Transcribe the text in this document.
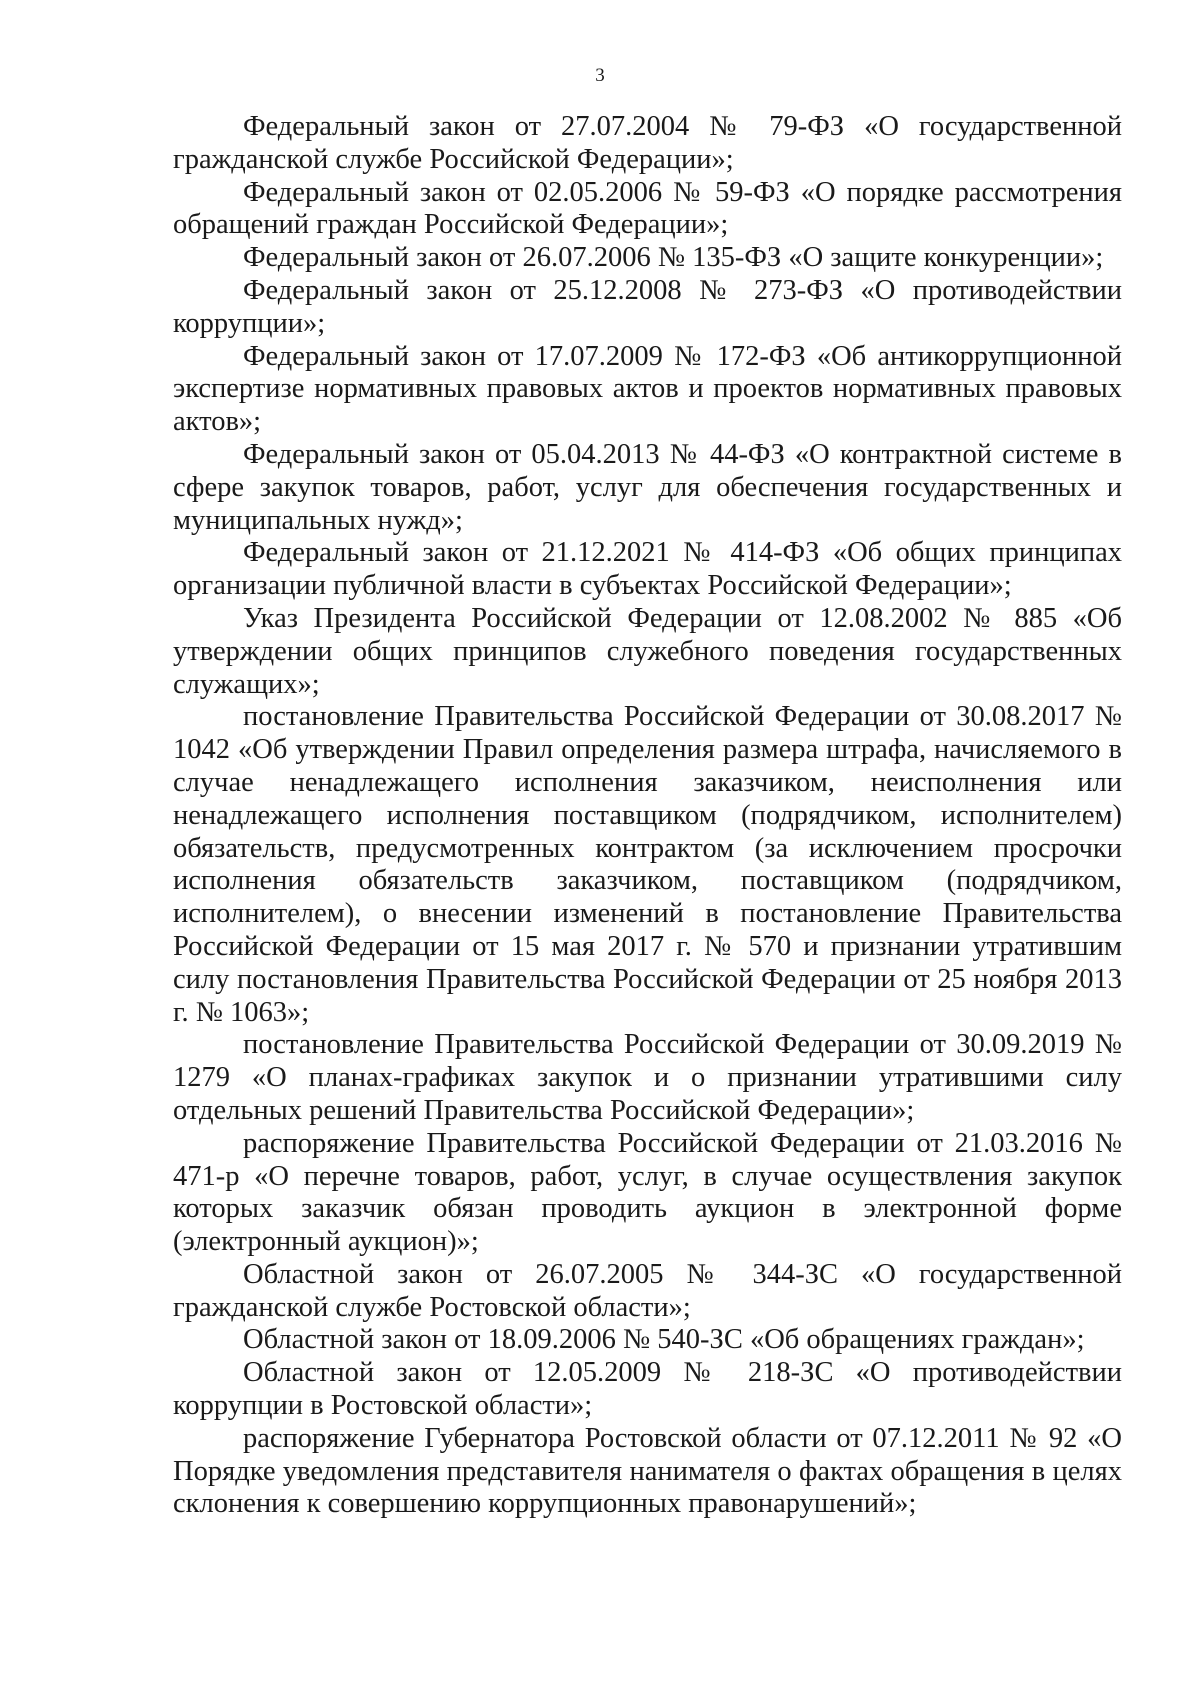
3

Федеральный закон от 27.07.2004 № 79-ФЗ «О государственной гражданской службе Российской Федерации»;

Федеральный закон от 02.05.2006 № 59-ФЗ «О порядке рассмотрения обращений граждан Российской Федерации»;

Федеральный закон от 26.07.2006 № 135-ФЗ «О защите конкуренции»;

Федеральный закон от 25.12.2008 № 273-ФЗ «О противодействии коррупции»;

Федеральный закон от 17.07.2009 № 172-ФЗ «Об антикоррупционной экспертизе нормативных правовых актов и проектов нормативных правовых актов»;

Федеральный закон от 05.04.2013 № 44-ФЗ «О контрактной системе в сфере закупок товаров, работ, услуг для обеспечения государственных и муниципальных нужд»;

Федеральный закон от 21.12.2021 № 414-ФЗ «Об общих принципах организации публичной власти в субъектах Российской Федерации»;

Указ Президента Российской Федерации от 12.08.2002 № 885 «Об утверждении общих принципов служебного поведения государственных служащих»;

постановление Правительства Российской Федерации от 30.08.2017 № 1042 «Об утверждении Правил определения размера штрафа, начисляемого в случае ненадлежащего исполнения заказчиком, неисполнения или ненадлежащего исполнения поставщиком (подрядчиком, исполнителем) обязательств, предусмотренных контрактом (за исключением просрочки исполнения обязательств заказчиком, поставщиком (подрядчиком, исполнителем), о внесении изменений в постановление Правительства Российской Федерации от 15 мая 2017 г. № 570 и признании утратившим силу постановления Правительства Российской Федерации от 25 ноября 2013 г. № 1063»;

постановление Правительства Российской Федерации от 30.09.2019 № 1279 «О планах-графиках закупок и о признании утратившими силу отдельных решений Правительства Российской Федерации»;

распоряжение Правительства Российской Федерации от 21.03.2016 № 471-р «О перечне товаров, работ, услуг, в случае осуществления закупок которых заказчик обязан проводить аукцион в электронной форме (электронный аукцион)»;

Областной закон от 26.07.2005 № 344-ЗС «О государственной гражданской службе Ростовской области»;

Областной закон от 18.09.2006 № 540-ЗС «Об обращениях граждан»;

Областной закон от 12.05.2009 № 218-ЗС «О противодействии коррупции в Ростовской области»;

распоряжение Губернатора Ростовской области от 07.12.2011 № 92 «О Порядке уведомления представителя нанимателя о фактах обращения в целях склонения к совершению коррупционных правонарушений»;
